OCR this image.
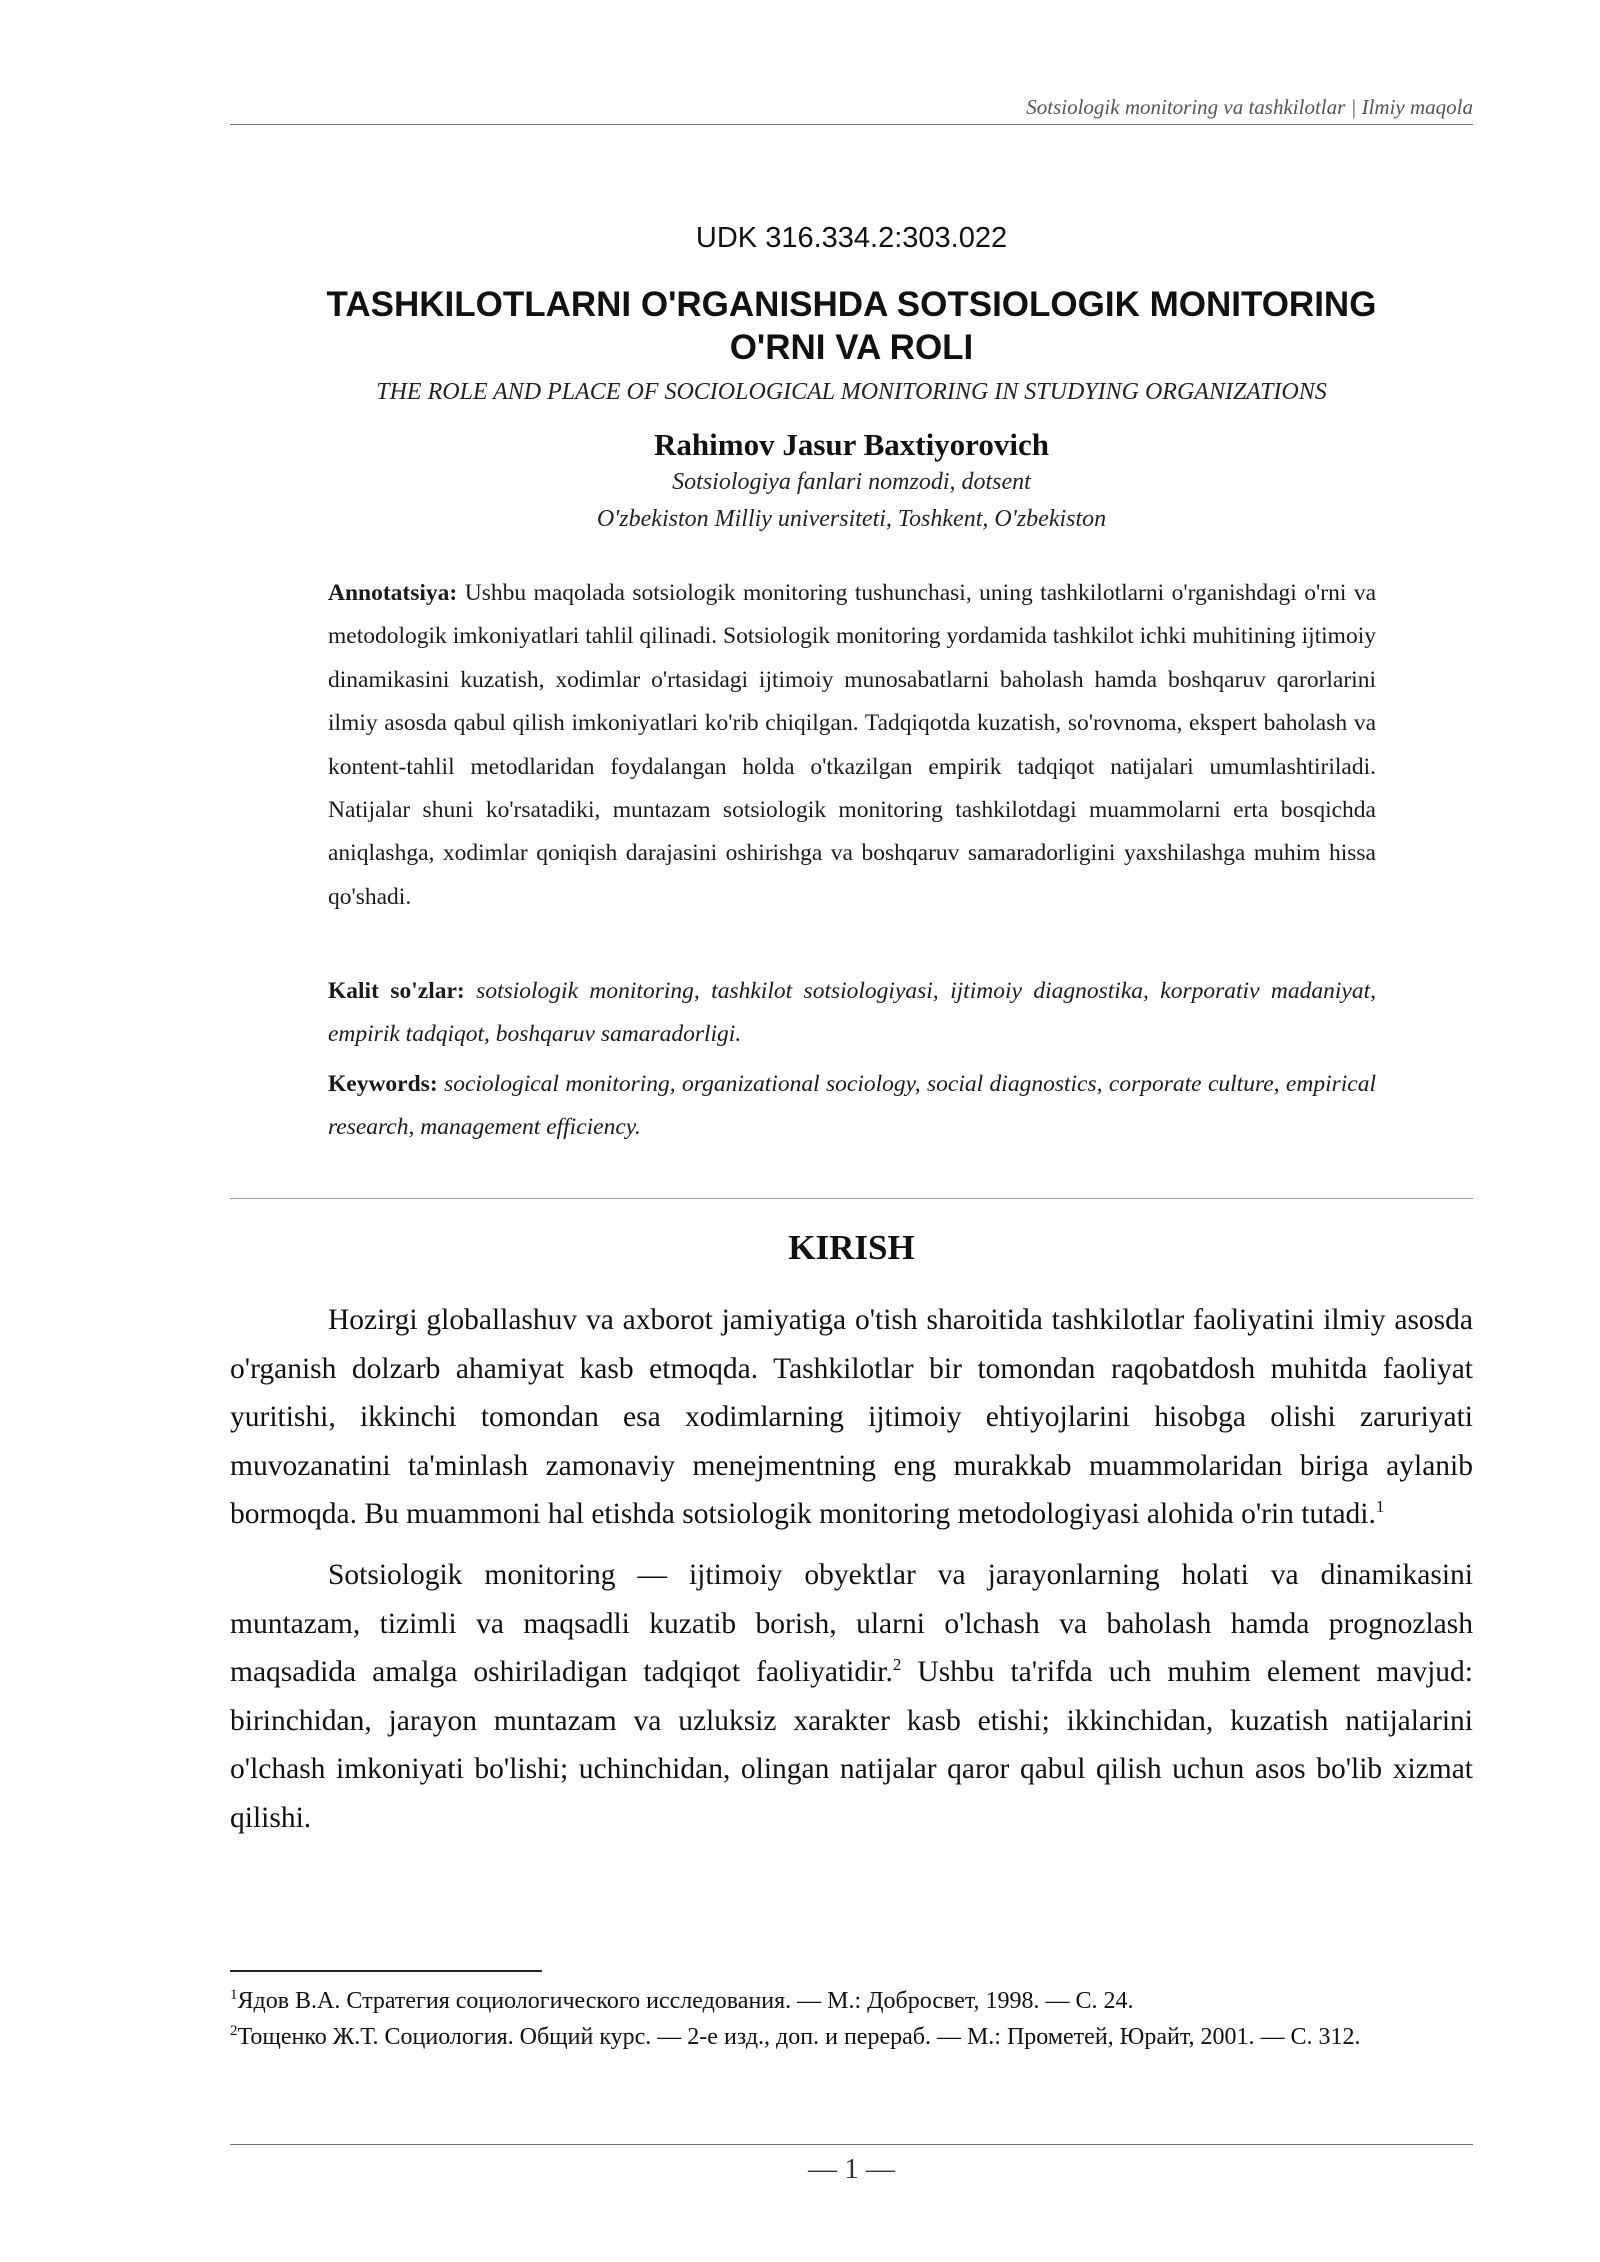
Sotsiologik monitoring va tashkilotlar | Ilmiy maqola
UDK 316.334.2:303.022
TASHKILOTLARNI O'RGANISHDA SOTSIOLOGIK MONITORING
O'RNI VA ROLI
THE ROLE AND PLACE OF SOCIOLOGICAL MONITORING IN STUDYING ORGANIZATIONS
Rahimov Jasur Baxtiyorovich
Sotsiologiya fanlari nomzodi, dotsent
O'zbekiston Milliy universiteti, Toshkent, O'zbekiston
Annotatsiya: Ushbu maqolada sotsiologik monitoring tushunchasi, uning tashkilotlarni o'rganishdagi o'rni va metodologik imkoniyatlari tahlil qilinadi. Sotsiologik monitoring yordamida tashkilot ichki muhitining ijtimoiy dinamikasini kuzatish, xodimlar o'rtasidagi ijtimoiy munosabatlarni baholash hamda boshqaruv qarorlarini ilmiy asosda qabul qilish imkoniyatlari ko'rib chiqilgan. Tadqiqotda kuzatish, so'rovnoma, ekspert baholash va kontent-tahlil metodlaridan foydalangan holda o'tkazilgan empirik tadqiqot natijalari umumlashtiriladi. Natijalar shuni ko'rsatadiki, muntazam sotsiologik monitoring tashkilotdagi muammolarni erta bosqichda aniqlashga, xodimlar qoniqish darajasini oshirishga va boshqaruv samaradorligini yaxshilashga muhim hissa qo'shadi.
Kalit so'zlar: sotsiologik monitoring, tashkilot sotsiologiyasi, ijtimoiy diagnostika, korporativ madaniyat, empirik tadqiqot, boshqaruv samaradorligi.
Keywords: sociological monitoring, organizational sociology, social diagnostics, corporate culture, empirical research, management efficiency.
KIRISH

Hozirgi globallashuv va axborot jamiyatiga o'tish sharoitida tashkilotlar faoliyatini ilmiy asosda o'rganish dolzarb ahamiyat kasb etmoqda. Tashkilotlar bir tomondan raqobatdosh muhitda faoliyat yuritishi, ikkinchi tomondan esa xodimlarning ijtimoiy ehtiyojlarini hisobga olishi zaruriyati muvozanatini ta'minlash zamonaviy menejmentning eng murakkab muammolaridan biriga aylanib bormoqda. Bu muammoni hal etishda sotsiologik monitoring metodologiyasi alohida o'rin tutadi.$^1$

Sotsiologik monitoring — ijtimoiy obyektlar va jarayonlarning holati va dinamikasini muntazam, tizimli va maqsadli kuzatib borish, ularni o'lchash va baholash hamda prognozlash maqsadida amalga oshiriladigan tadqiqot faoliyatidir.$^2$ Ushbu ta'rifda uch muhim element mavjud: birinchidan, jarayon muntazam va uzluksiz xarakter kasb etishi; ikkinchidan, kuzatish natijalarini o'lchash imkoniyati bo'lishi; uchinchidan, olingan natijalar qaror qabul qilish uchun asos bo'lib xizmat qilishi.

$^1$Ядов В.А. Стратегия социологического исследования. — М.: Добросвет, 1998. — С. 24.
$^2$Тощенко Ж.Т. Социология. Общий курс. — 2-е изд., доп. и перераб. — М.: Прометей, Юрайт, 2001. — С. 312.
— 1 —
